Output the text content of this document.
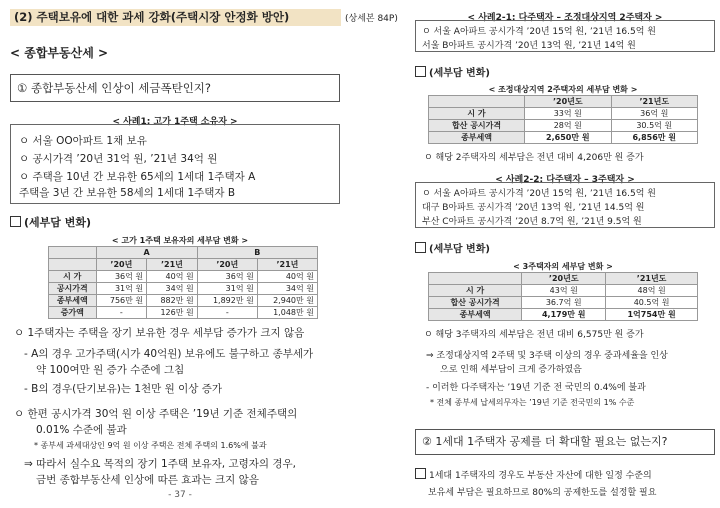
(2) 주택보유에 대한 과세 강화(주택시장 안정화 방안)	(상세본 84P)
< 종합부동산세 >
① 종합부동산세 인상이 세금폭탄인지?
< 사례1: 고가 1주택 소유자 >
ㅇ 서울 OO아파트 1채 보유
ㅇ 공시가격 ’20년 31억 원, ’21년 34억 원
ㅇ 주택을 10년 간 보유한 65세의 1세대 1주택자 A
주택을 3년 간 보유한 58세의 1세대 1주택자 B
(세부담 변화)
< 고가 1주택 보유자의 세부담 변화 >
	A		B	
	’20년	’21년	’20년	’21년
시 가	36억 원	40억 원	36억 원	40억 원
공시가격	31억 원	34억 원	31억 원	34억 원
종부세액	756만 원	882만 원	1,892만 원	2,940만 원
증가액	-	126만 원	-	1,048만 원
ㅇ 1주택자는 주택을 장기 보유한 경우 세부담 증가가 크지 않음
- A의 경우 고가주택(시가 40억원) 보유에도 불구하고 종부세가
약 100여만 원 증가 수준에 그침
- B의 경우(단기보유)는 1천만 원 이상 증가
ㅇ 한편 공시가격 30억 원 이상 주택은 ’19년 기준 전체주택의
0.01% 수준에 불과
* 종부세 과세대상인 9억 원 이상 주택은 전체 주택의 1.6%에 불과
⇒ 따라서 실수요 목적의 장기 1주택 보유자, 고령자의 경우,
금번 종합부동산세 인상에 따른 효과는 크지 않음
- 37 -
< 사례2-1: 다주택자 – 조정대상지역 2주택자 >
ㅇ 서울 A아파트 공시가격 ’20년 15억 원, ’21년 16.5억 원
서울 B아파트 공시가격 ’20년 13억 원, ’21년 14억 원
(세부담 변화)
< 조정대상지역 2주택자의 세부담 변화 >
	’20년도	’21년도
시 가	33억 원	36억 원
합산 공시가격	28억 원	30.5억 원
종부세액	2,650만 원	6,856만 원
ㅇ 해당 2주택자의 세부담은 전년 대비 4,206만 원 증가
< 사례2-2: 다주택자 – 3주택자 >
ㅇ 서울 A아파트 공시가격 ’20년 15억 원, ’21년 16.5억 원
대구 B아파트 공시가격 ’20년 13억 원, ’21년 14.5억 원
부산 C아파트 공시가격 ’20년 8.7억 원, ’21년 9.5억 원
(세부담 변화)
< 3주택자의 세부담 변화 >
	’20년도	’21년도
시 가	43억 원	48억 원
합산 공시가격	36.7억 원	40.5억 원
종부세액	4,179만 원	1억754만 원
ㅇ 해당 3주택자의 세부담은 전년 대비 6,575만 원 증가
⇒ 조정대상지역 2주택 및 3주택 이상의 경우 중과세율을 인상
으로 인해 세부담이 크게 증가하였음
- 이러한 다주택자는 ’19년 기준 전 국민의 0.4%에 불과
* 전체 종부세 납세의무자는 ’19년 기준 전국민의 1% 수준
② 1세대 1주택자 공제를 더 확대할 필요는 없는지?
1세대 1주택자의 경우도 부동산 자산에 대한 일정 수준의
보유세 부담은 필요하므로 80%의 공제한도를 설정할 필요
